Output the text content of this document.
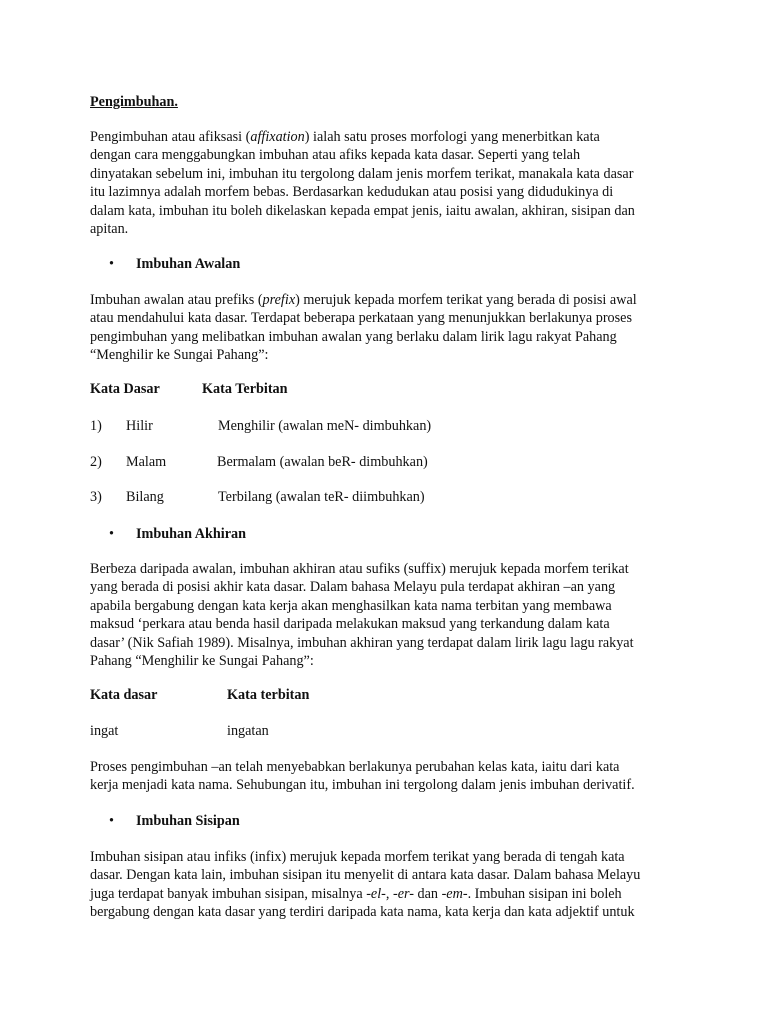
Pengimbuhan.

Pengimbuhan atau afiksasi (affixation) ialah satu proses morfologi yang menerbitkan kata
dengan cara menggabungkan imbuhan atau afiks kepada kata dasar. Seperti yang telah
dinyatakan sebelum ini, imbuhan itu tergolong dalam jenis morfem terikat, manakala kata dasar
itu lazimnya adalah morfem bebas. Berdasarkan kedudukan atau posisi yang didudukinya di
dalam kata, imbuhan itu boleh dikelaskan kepada empat jenis, iaitu awalan, akhiran, sisipan dan
apitan.

• Imbuhan Awalan

Imbuhan awalan atau prefiks (prefix) merujuk kepada morfem terikat yang berada di posisi awal
atau mendahului kata dasar. Terdapat beberapa perkataan yang menunjukkan berlakunya proses
pengimbuhan yang melibatkan imbuhan awalan yang berlaku dalam lirik lagu rakyat Pahang
“Menghilir ke Sungai Pahang”:

Kata Dasar	Kata Terbitan
1) Hilir	Menghilir (awalan meN- dimbuhkan)
2) Malam	Bermalam (awalan beR- dimbuhkan)
3) Bilang	Terbilang (awalan teR- diimbuhkan)
• Imbuhan Akhiran

Berbeza daripada awalan, imbuhan akhiran atau sufiks (suffix) merujuk kepada morfem terikat
yang berada di posisi akhir kata dasar. Dalam bahasa Melayu pula terdapat akhiran –an yang
apabila bergabung dengan kata kerja akan menghasilkan kata nama terbitan yang membawa
maksud ‘perkara atau benda hasil daripada melakukan maksud yang terkandung dalam kata
dasar’ (Nik Safiah 1989). Misalnya, imbuhan akhiran yang terdapat dalam lirik lagu lagu rakyat
Pahang “Menghilir ke Sungai Pahang”:

Kata dasar	Kata terbitan
ingat	ingatan

Proses pengimbuhan –an telah menyebabkan berlakunya perubahan kelas kata, iaitu dari kata
kerja menjadi kata nama. Sehubungan itu, imbuhan ini tergolong dalam jenis imbuhan derivatif.

• Imbuhan Sisipan

Imbuhan sisipan atau infiks (infix) merujuk kepada morfem terikat yang berada di tengah kata
dasar. Dengan kata lain, imbuhan sisipan itu menyelit di antara kata dasar. Dalam bahasa Melayu
juga terdapat banyak imbuhan sisipan, misalnya -el-, -er- dan -em-. Imbuhan sisipan ini boleh
bergabung dengan kata dasar yang terdiri daripada kata nama, kata kerja dan kata adjektif untuk
